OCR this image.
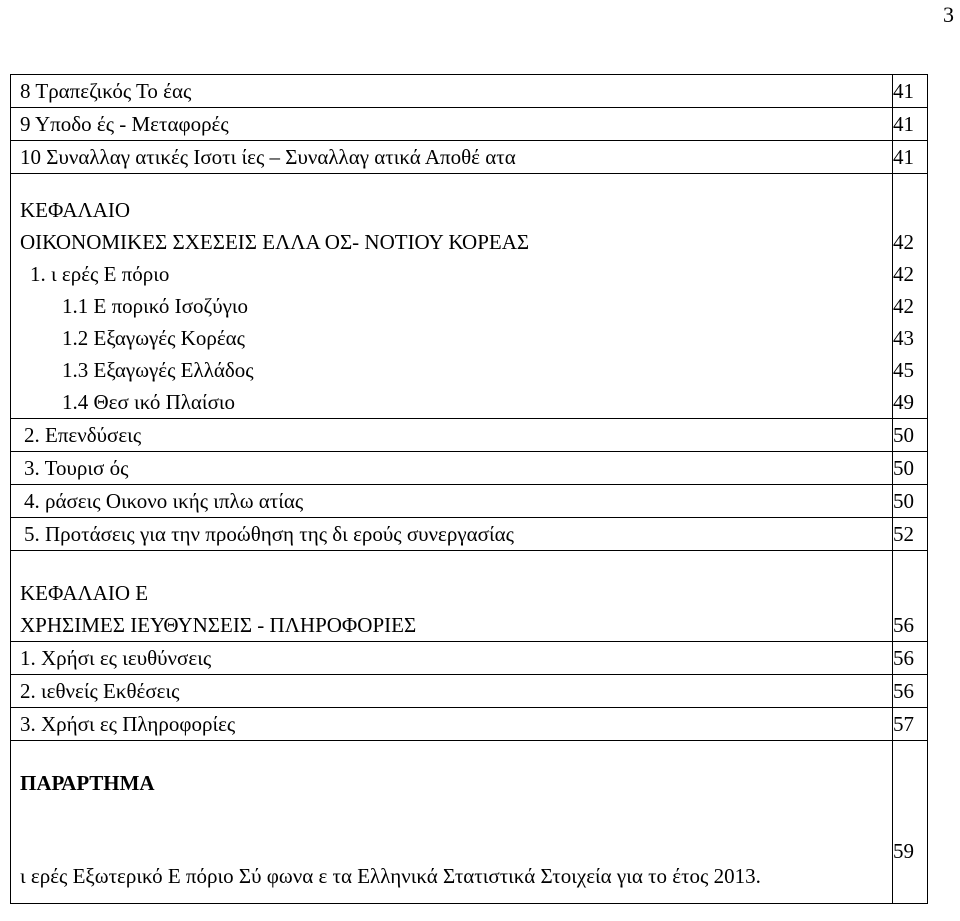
3
8 Τραπεζικός Το έας	41
9 Υποδο ές - Μεταφορές	41
10 Συναλλαγ ατικές Ισοτι ίες – Συναλλαγ ατικά Αποθέ ατα	41
ΚΕΦΑΛΑΙΟ	
ΟΙΚΟΝΟΜΙΚΕΣ ΣΧΕΣΕΙΣ ΕΛΛΑ ΟΣ- ΝΟΤΙΟΥ ΚΟΡΕΑΣ	42
1. ι ερές Ε πόριο	42
1.1 Ε πορικό Ισοζύγιο	42
1.2 Εξαγωγές Κορέας	43
1.3 Εξαγωγές Ελλάδος	45
1.4 Θεσ ικό Πλαίσιο	49
2. Επενδύσεις	50
3. Τουρισ ός	50
4. ράσεις Οικονο ικής ιπλω ατίας	50
5. Προτάσεις για την προώθηση της δι ερούς συνεργασίας	52
ΚΕΦΑΛΑΙΟ Ε	
ΧΡΗΣΙΜΕΣ ΙΕΥΘΥΝΣΕΙΣ - ΠΛΗΡΟΦΟΡΙΕΣ	56
1. Χρήσι ες ιευθύνσεις	56
2. ιεθνείς Εκθέσεις	56
3. Χρήσι ες Πληροφορίες	57
ΠΑΡΑΡΤΗΜΑ	
ι ερές Εξωτερικό Ε πόριο Σύ φωνα ε τα Ελληνικά Στατιστικά Στοιχεία για το έτος 2013.	59
